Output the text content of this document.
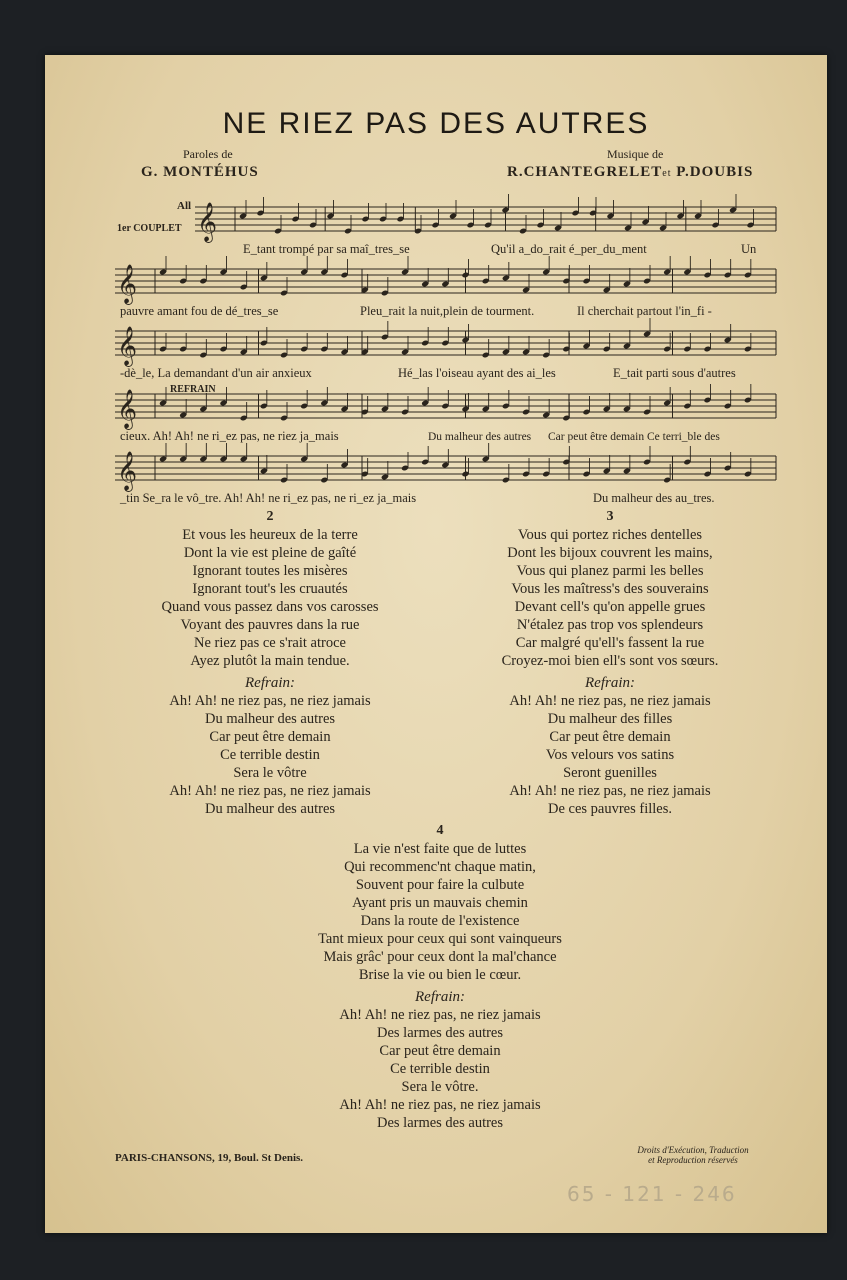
NE RIEZ PAS DES AUTRES
Paroles de
G. MONTÉHUS
Musique de
R.CHANTEGRELETet P.DOUBIS
𝄞
𝄞
𝄞
𝄞
𝄞
All
1er COUPLET
REFRAIN
E_tant trompé par sa maî_tres_se	Qu'il a_do_rait é_per_du_ment	Un
pauvre amant fou de dé_tres_se	Pleu_rait la nuit,plein de tourment.	Il cherchait partout l'in_fi -
-dè_le, La demandant d'un air anxieux	Hé_las l'oiseau ayant des ai_les	E_tait parti sous d'autres
cieux. Ah! Ah! ne ri_ez pas, ne riez ja_mais	Du malheur des autres Car peut être demain Ce terri_ble des
_tin Se_ra le vô_tre. Ah! Ah! ne ri_ez pas, ne ri_ez ja_mais	Du malheur des au_tres.
2
Et vous les heureux de la terre
Dont la vie est pleine de gaîté
Ignorant toutes les misères
Ignorant tout's les cruautés
Quand vous passez dans vos carosses
Voyant des pauvres dans la rue
Ne riez pas ce s'rait atroce
Ayez plutôt la main tendue.
Refrain:
Ah! Ah! ne riez pas, ne riez jamais
Du malheur des autres
Car peut être demain
Ce terrible destin
Sera le vôtre
Ah! Ah! ne riez pas, ne riez jamais
Du malheur des autres
3
Vous qui portez riches dentelles
Dont les bijoux couvrent les mains,
Vous qui planez parmi les belles
Vous les maîtress's des souverains
Devant cell's qu'on appelle grues
N'étalez pas trop vos splendeurs
Car malgré qu'ell's fassent la rue
Croyez-moi bien ell's sont vos sœurs.
Refrain:
Ah! Ah! ne riez pas, ne riez jamais
Du malheur des filles
Car peut être demain
Vos velours vos satins
Seront guenilles
Ah! Ah! ne riez pas, ne riez jamais
De ces pauvres filles.
4
La vie n'est faite que de luttes
Qui recommenc'nt chaque matin,
Souvent pour faire la culbute
Ayant pris un mauvais chemin
Dans la route de l'existence
Tant mieux pour ceux qui sont vainqueurs
Mais grâc' pour ceux dont la mal'chance
Brise la vie ou bien le cœur.
Refrain:
Ah! Ah! ne riez pas, ne riez jamais
Des larmes des autres
Car peut être demain
Ce terrible destin
Sera le vôtre.
Ah! Ah! ne riez pas, ne riez jamais
Des larmes des autres
PARIS-CHANSONS, 19, Boul. St Denis.
Droits d'Exécution, Traduction
et Reproduction réservés
65 - 121 - 246
